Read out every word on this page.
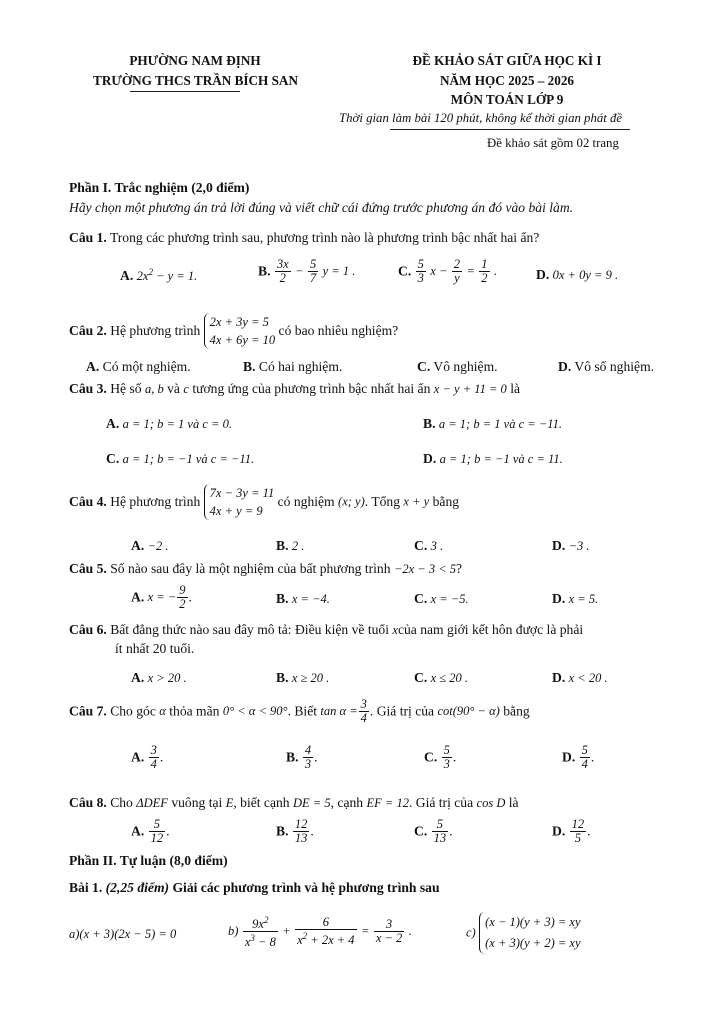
PHƯỜNG NAM ĐỊNH
TRƯỜNG THCS TRẦN BÍCH SAN
ĐỀ KHẢO SÁT GIỮA HỌC KÌ I
NĂM HỌC 2025 – 2026
MÔN TOÁN LỚP 9
Thời gian làm bài 120 phút, không kể thời gian phát đề
Đề khảo sát gồm 02 trang
Phần I. Trắc nghiệm (2,0 điểm)
Hãy chọn một phương án trả lời đúng và viết chữ cái đứng trước phương án đó vào bài làm.
Câu 1. Trong các phương trình sau, phương trình nào là phương trình bậc nhất hai ẩn?
A. $2x^2 - y = 1$.	B. $\frac{3x}{2} - \frac{5}{7}$ y = 1 .	C. $\frac{5}{3}$ $x - \frac{2}{y} = \frac{1}{2}$ .	D. 0x + 0y = 9 .
Câu 2. Hệ phương trình 2x + 3y = 5
4x + 6y = 10 có bao nhiêu nghiệm?
A. Có một nghiệm.	B. Có hai nghiệm.	C. Vô nghiệm.	D. Vô số nghiệm.
Câu 3. Hệ số a, b và c tương ứng của phương trình bậc nhất hai ẩn x − y + 11 = 0 là
A. a = 1; b = 1 và c = 0.	B. a = 1; b = 1 và c = −11.
C. a = 1; b = −1 và c = −11.	D. a = 1; b = −1 và c = 11.
Câu 4. Hệ phương trình 7x − 3y = 11
4x + y = 9 có nghiệm (x; y). Tổng x + y bằng
A. −2 .	B. 2 .	C. 3 .	D. −3 .
Câu 5. Số nào sau đây là một nghiệm của bất phương trình −2x − 3 < 5?
A. x = − $\frac{9}{2}$ .	B. x = −4.	C. x = −5.	D. x = 5.
Câu 6. Bất đẳng thức nào sau đây mô tả: Điều kiện về tuổi xcủa nam giới kết hôn được là phải
ít nhất 20 tuổi.
A. x > 20 .	B. x ≥ 20 .	C. x ≤ 20 .	D. x < 20 .
Câu 7. Cho góc α thỏa mãn 0° < α < 90°. Biết $\tan \alpha = \frac{3}{4}$ . Giá trị của cot(90° − α) bằng
A. $\frac{3}{4}$ .	B. $\frac{4}{3}$ .	C. $\frac{5}{3}$ .	D. $\frac{5}{4}$ .
Câu 8. Cho ΔDEF vuông tại E, biết cạnh DE = 5, cạnh EF = 12. Giá trị của cos D là
A. $\frac{5}{12}$ .	B. $\frac{12}{13}$ .	C. $\frac{5}{13}$ .	D. $\frac{12}{5}$ .
Phần II. Tự luận (8,0 điểm)
Bài 1. (2,25 điểm) Giải các phương trình và hệ phương trình sau
a)(x + 3)(2x − 5) = 0	$b) \frac{9x^2}{x^3 - 8} + \frac{6}{x^2 + 2x + 4} = \frac{3}{x - 2}$ .	c) (x − 1)(y + 3) = xy
(x + 3)(y + 2) = xy
